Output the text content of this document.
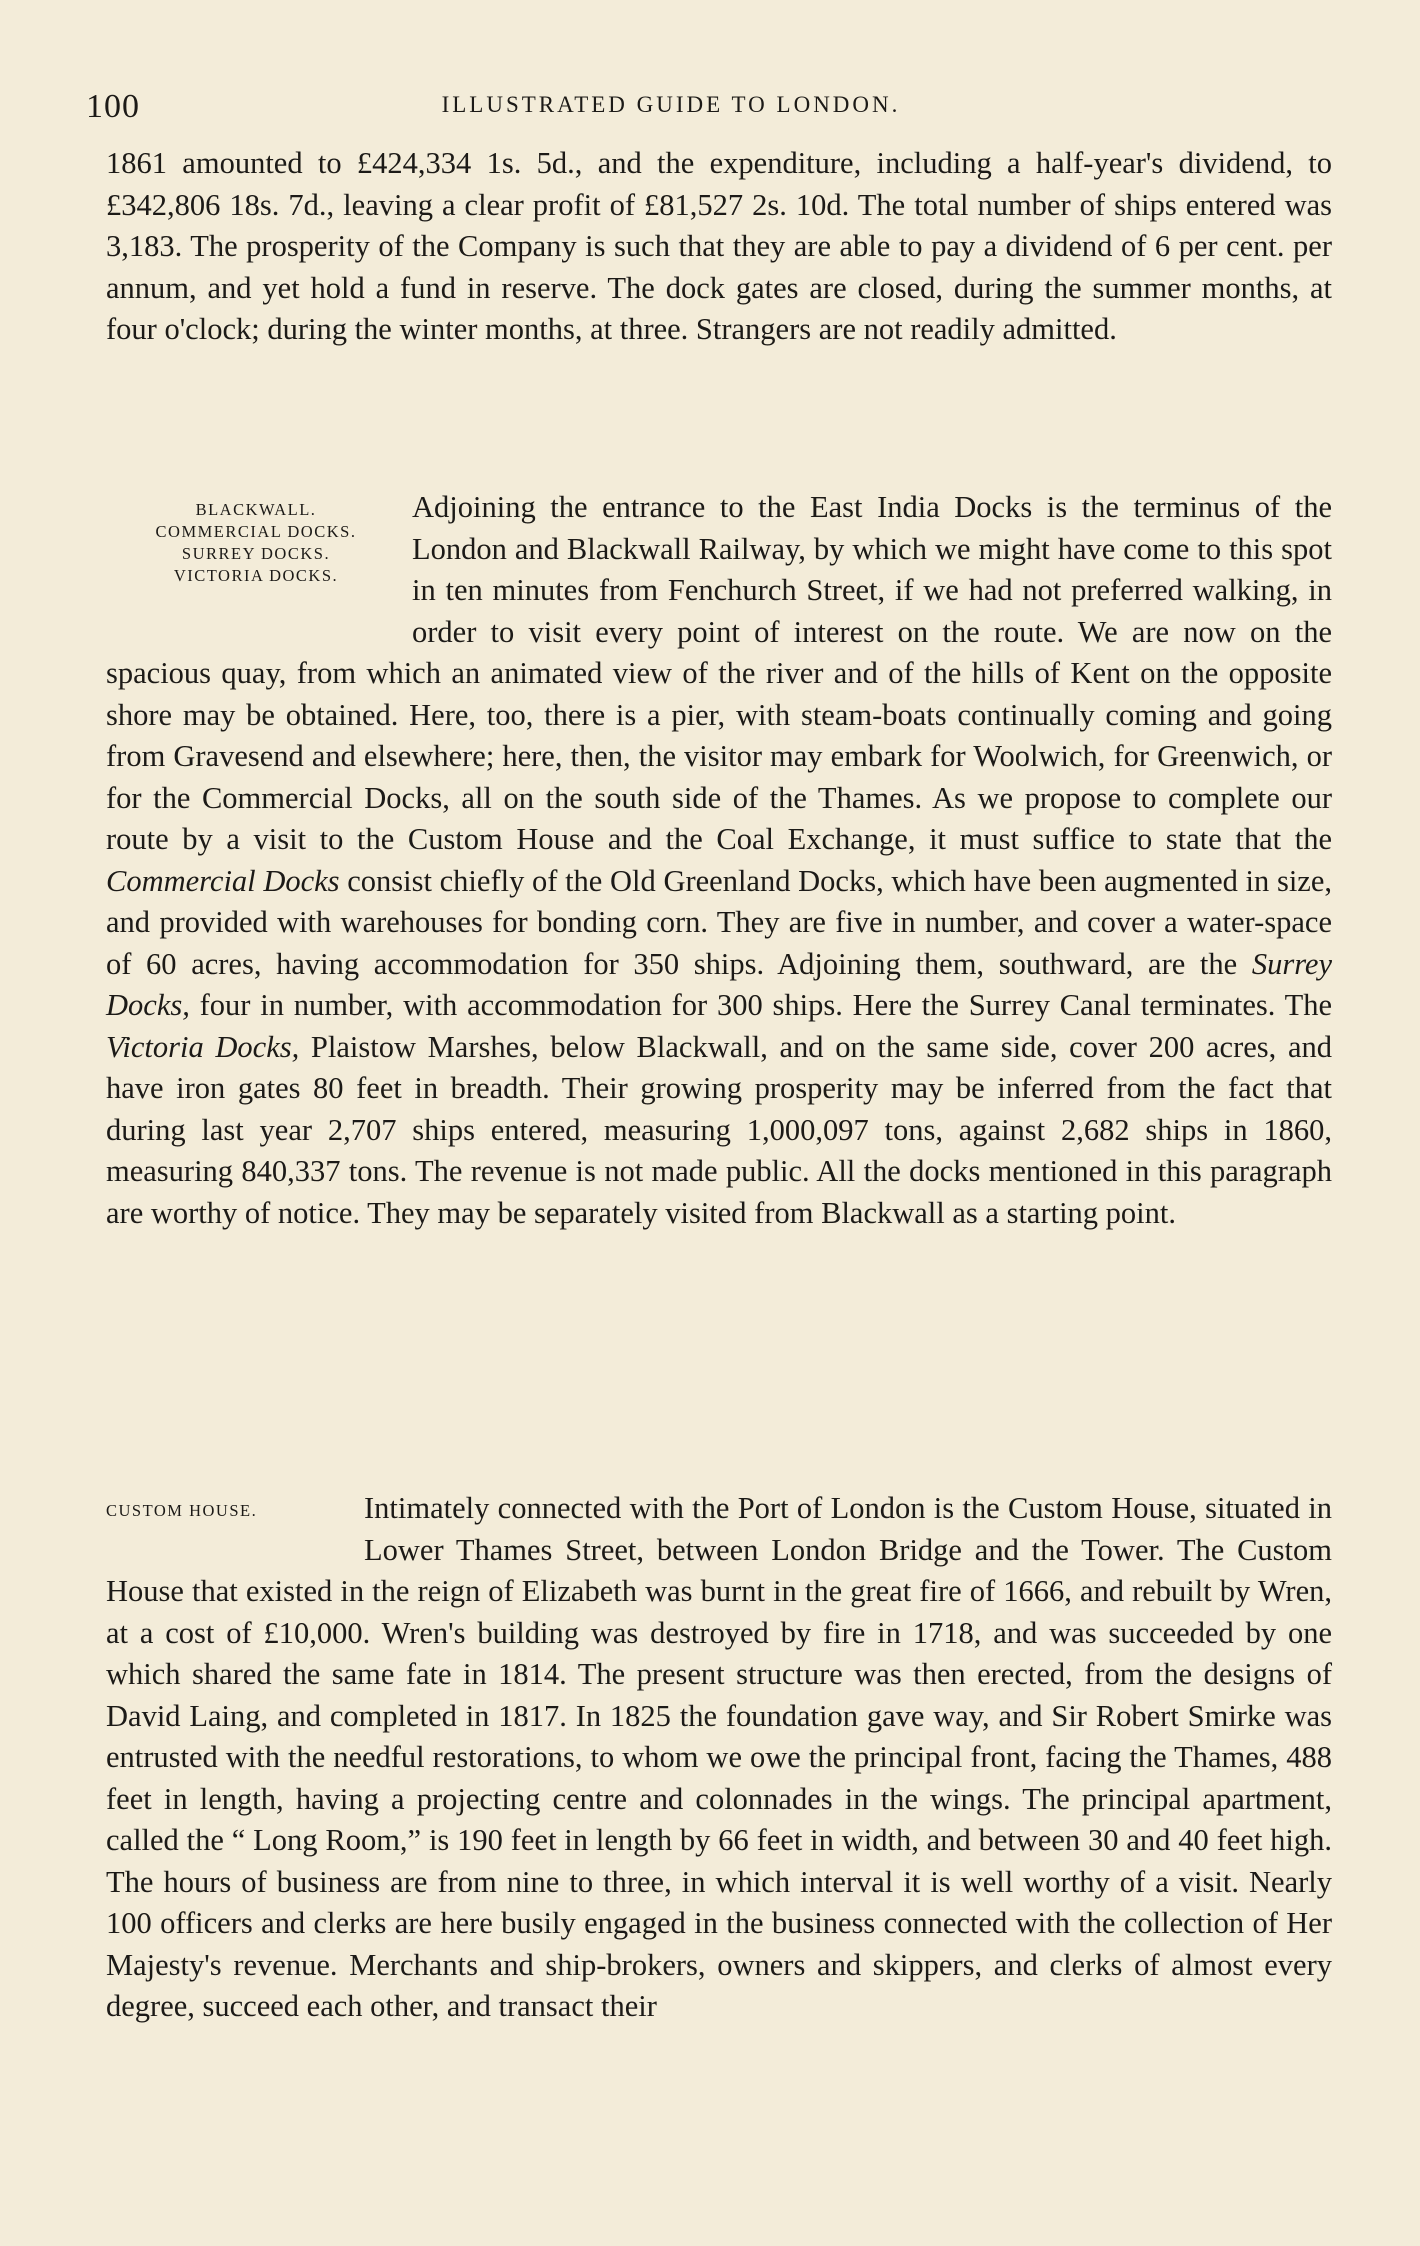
100	ILLUSTRATED GUIDE TO LONDON.

1861 amounted to £424,334 1s. 5d., and the expenditure, including a half-year's dividend, to £342,806 18s. 7d., leaving a clear profit of £81,527 2s. 10d. The total number of ships entered was 3,183. The prosperity of the Company is such that they are able to pay a dividend of 6 per cent. per annum, and yet hold a fund in reserve. The dock gates are closed, during the summer months, at four o'clock; during the winter months, at three. Strangers are not readily admitted.

BLACKWALL.
COMMERCIAL DOCKS.
SURREY DOCKS.
VICTORIA DOCKS.

Adjoining the entrance to the East India Docks is the terminus of the London and Blackwall Railway, by which we might have come to this spot in ten minutes from Fenchurch Street, if we had not preferred walking, in order to visit every point of interest on the route. We are now on the spacious quay, from which an animated view of the river and of the hills of Kent on the opposite shore may be obtained. Here, too, there is a pier, with steam-boats continually coming and going from Gravesend and elsewhere; here, then, the visitor may embark for Woolwich, for Greenwich, or for the Commercial Docks, all on the south side of the Thames. As we propose to complete our route by a visit to the Custom House and the Coal Exchange, it must suffice to state that the Commercial Docks consist chiefly of the Old Greenland Docks, which have been augmented in size, and provided with warehouses for bonding corn. They are five in number, and cover a water-space of 60 acres, having accommodation for 350 ships. Adjoining them, southward, are the Surrey Docks, four in number, with accommodation for 300 ships. Here the Surrey Canal terminates. The Victoria Docks, Plaistow Marshes, below Blackwall, and on the same side, cover 200 acres, and have iron gates 80 feet in breadth. Their growing prosperity may be inferred from the fact that during last year 2,707 ships entered, measuring 1,000,097 tons, against 2,682 ships in 1860, measuring 840,337 tons. The revenue is not made public. All the docks mentioned in this paragraph are worthy of notice. They may be separately visited from Blackwall as a starting point.

CUSTOM HOUSE.	Intimately connected with the Port of London is the Custom House, situated in Lower Thames Street, between London Bridge and the Tower. The Custom House that existed in the reign of Elizabeth was burnt in the great fire of 1666, and rebuilt by Wren, at a cost of £10,000. Wren's building was destroyed by fire in 1718, and was succeeded by one which shared the same fate in 1814. The present structure was then erected, from the designs of David Laing, and completed in 1817. In 1825 the foundation gave way, and Sir Robert Smirke was entrusted with the needful restorations, to whom we owe the principal front, facing the Thames, 488 feet in length, having a projecting centre and colonnades in the wings. The principal apartment, called the “ Long Room,” is 190 feet in length by 66 feet in width, and between 30 and 40 feet high. The hours of business are from nine to three, in which interval it is well worthy of a visit. Nearly 100 officers and clerks are here busily engaged in the business connected with the collection of Her Majesty's revenue. Merchants and ship-brokers, owners and skippers, and clerks of almost every degree, succeed each other, and transact their
